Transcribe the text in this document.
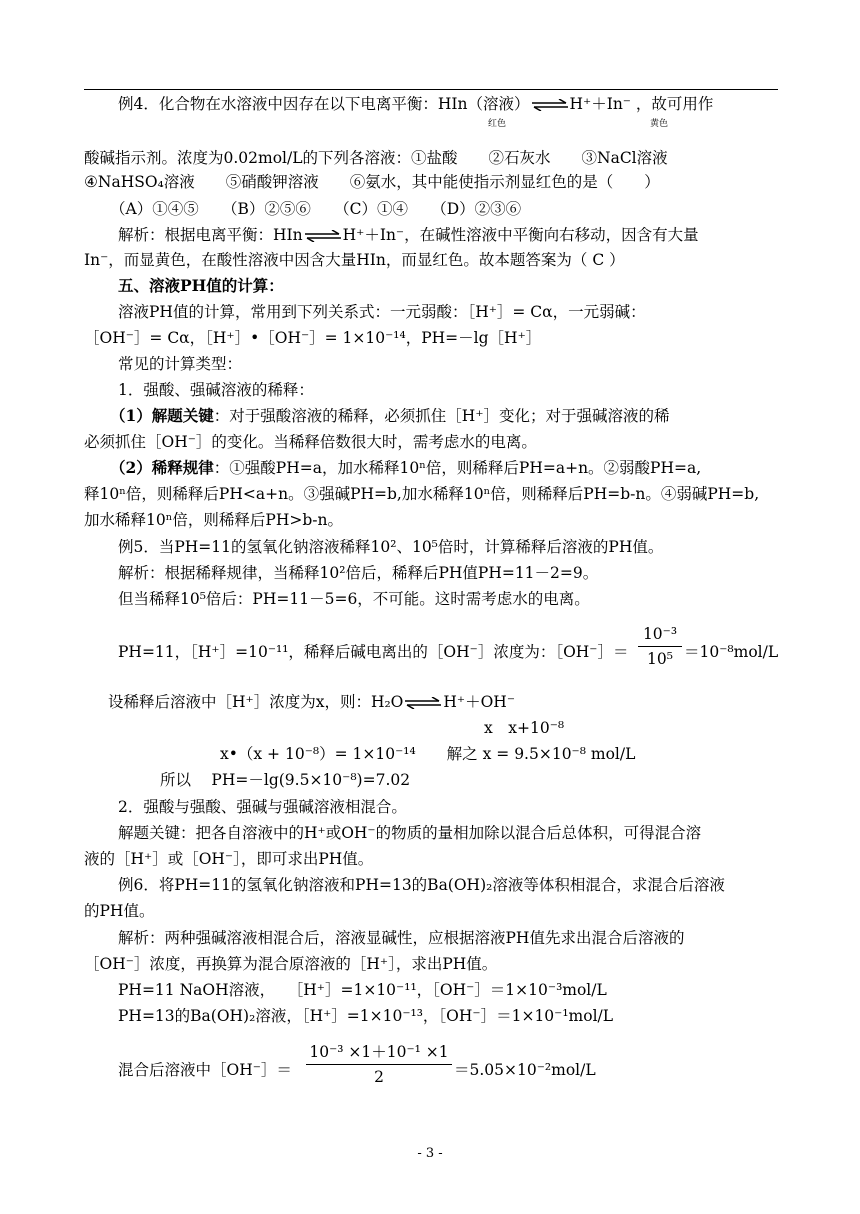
例4．化合物在水溶液中因存在以下电离平衡：HIn（溶液） ⇌ H⁺＋In⁻ ，故可用作
红色	黄色
酸碱指示剂。浓度为0.02mol/L的下列各溶液：①盐酸　　②石灰水　　③NaCl溶液
④NaHSO₄溶液　　⑤硝酸钾溶液　　⑥氨水，其中能使指示剂显红色的是（　　）
（A）①④⑤　　（B）②⑤⑥　　（C）①④　　（D）②③⑥
解析：根据电离平衡：HIn ⇌ H⁺＋In⁻，在碱性溶液中平衡向右移动，因含有大量
In⁻，而显黄色，在酸性溶液中因含大量HIn，而显红色。故本题答案为（ C ）
五、溶液PH值的计算：
溶液PH值的计算，常用到下列关系式：一元弱酸：［H⁺］= Cα，一元弱碱：
［OH⁻］= Cα，［H⁺］•［OH⁻］= 1×10⁻¹⁴，PH=－lg［H⁺］
常见的计算类型：
1．强酸、强碱溶液的稀释：
（1）解题关键：对于强酸溶液的稀释，必须抓住［H⁺］变化；对于强碱溶液的稀
必须抓住［OH⁻］的变化。当稀释倍数很大时，需考虑水的电离。
（2）稀释规律：①强酸PH=a，加水稀释10ⁿ倍，则稀释后PH=a+n。②弱酸PH=a,
释10ⁿ倍，则稀释后PH<a+n。③强碱PH=b,加水稀释10ⁿ倍，则稀释后PH=b-n。④弱碱PH=b,
加水稀释10ⁿ倍，则稀释后PH>b-n。
例5．当PH=11的氢氧化钠溶液稀释10²、10⁵倍时，计算稀释后溶液的PH值。
解析：根据稀释规律，当稀释10²倍后，稀释后PH值PH=11－2=9。
但当稀释10⁵倍后：PH=11－5=6，不可能。这时需考虑水的电离。
PH=11，［H⁺］=10⁻¹¹，稀释后碱电离出的［OH⁻］浓度为：［OH⁻］＝
10⁻³
10⁵ ＝10⁻⁸mol/L
设稀释后溶液中［H⁺］浓度为x，则：H₂O ⇌ H⁺＋OH⁻
x　x+10⁻⁸
x•（x + 10⁻⁸）= 1×10⁻¹⁴　　解之 x = 9.5×10⁻⁸ mol/L
所以　 PH=－lg(9.5×10⁻⁸)=7.02
2．强酸与强酸、强碱与强碱溶液相混合。
解题关键：把各自溶液中的H⁺或OH⁻的物质的量相加除以混合后总体积，可得混合溶
液的［H⁺］或［OH⁻］，即可求出PH值。
例6．将PH=11的氢氧化钠溶液和PH=13的Ba(OH)₂溶液等体积相混合，求混合后溶液
的PH值。
解析：两种强碱溶液相混合后，溶液显碱性，应根据溶液PH值先求出混合后溶液的
［OH⁻］浓度，再换算为混合原溶液的［H⁺］，求出PH值。
PH=11 NaOH溶液，　 ［H⁺］=1×10⁻¹¹，［OH⁻］＝1×10⁻³mol/L
PH=13的Ba(OH)₂溶液，［H⁺］=1×10⁻¹³，［OH⁻］＝1×10⁻¹mol/L
混合后溶液中［OH⁻］＝
10⁻³ ×1＋10⁻¹ ×1
2	＝5.05×10⁻²mol/L
- 3 -
